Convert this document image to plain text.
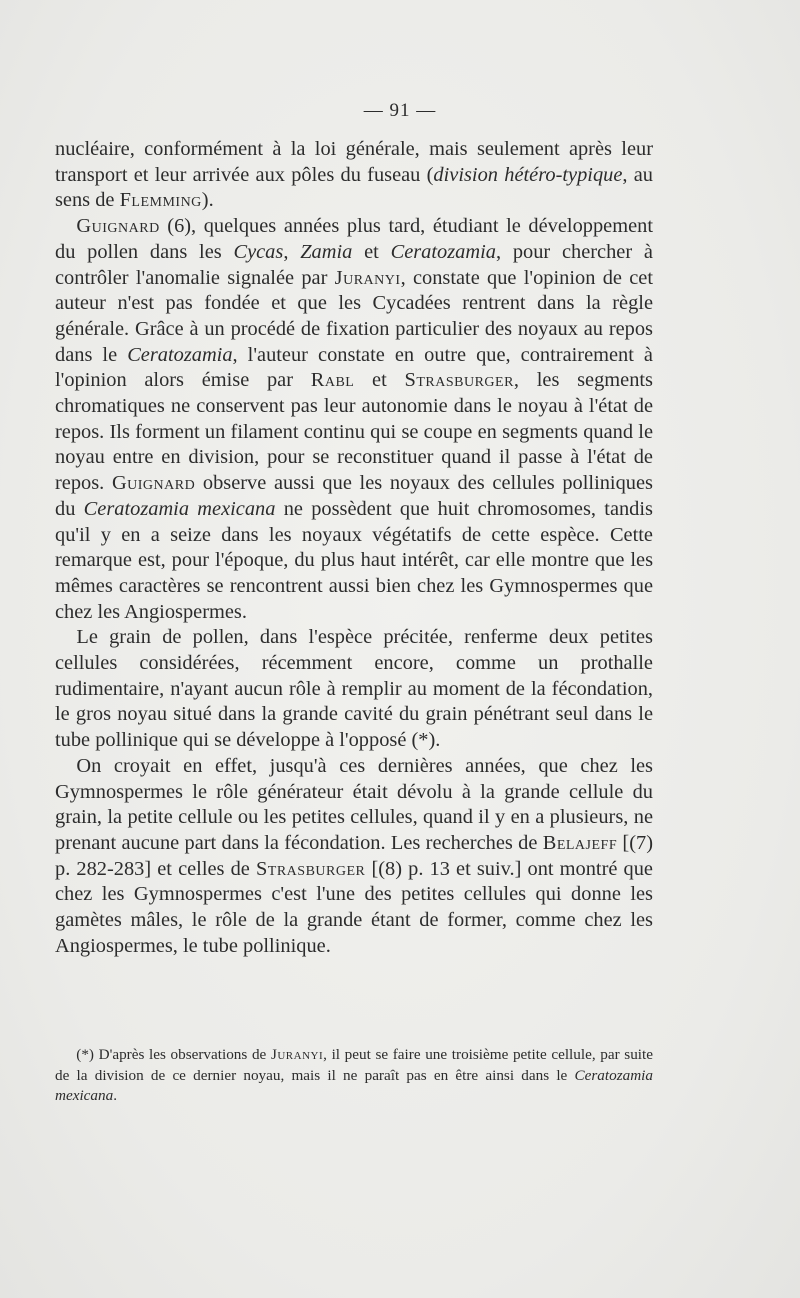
— 91 —

nucléaire, conformément à la loi générale, mais seulement après leur transport et leur arrivée aux pôles du fuseau (division hétéro-typique, au sens de Flemming).

Guignard (6), quelques années plus tard, étudiant le développement du pollen dans les Cycas, Zamia et Ceratozamia, pour chercher à contrôler l'anomalie signalée par Juranyi, constate que l'opinion de cet auteur n'est pas fondée et que les Cycadées rentrent dans la règle générale. Grâce à un procédé de fixation particulier des noyaux au repos dans le Ceratozamia, l'auteur constate en outre que, contrairement à l'opinion alors émise par Rabl et Strasburger, les segments chromatiques ne conservent pas leur autonomie dans le noyau à l'état de repos. Ils forment un filament continu qui se coupe en segments quand le noyau entre en division, pour se reconstituer quand il passe à l'état de repos. Guignard observe aussi que les noyaux des cellules polliniques du Ceratozamia mexicana ne possèdent que huit chromosomes, tandis qu'il y en a seize dans les noyaux végétatifs de cette espèce. Cette remarque est, pour l'époque, du plus haut intérêt, car elle montre que les mêmes caractères se rencontrent aussi bien chez les Gymnospermes que chez les Angiospermes.

Le grain de pollen, dans l'espèce précitée, renferme deux petites cellules considérées, récemment encore, comme un prothalle rudimentaire, n'ayant aucun rôle à remplir au moment de la fécondation, le gros noyau situé dans la grande cavité du grain pénétrant seul dans le tube pollinique qui se développe à l'opposé (*).

On croyait en effet, jusqu'à ces dernières années, que chez les Gymnospermes le rôle générateur était dévolu à la grande cellule du grain, la petite cellule ou les petites cellules, quand il y en a plusieurs, ne prenant aucune part dans la fécondation. Les recherches de Belajeff [(7) p. 282-283] et celles de Strasburger [(8) p. 13 et suiv.] ont montré que chez les Gymnospermes c'est l'une des petites cellules qui donne les gamètes mâles, le rôle de la grande étant de former, comme chez les Angiospermes, le tube pollinique.

(*) D'après les observations de Juranyi, il peut se faire une troisième petite cellule, par suite de la division de ce dernier noyau, mais il ne paraît pas en être ainsi dans le Ceratozamia mexicana.
